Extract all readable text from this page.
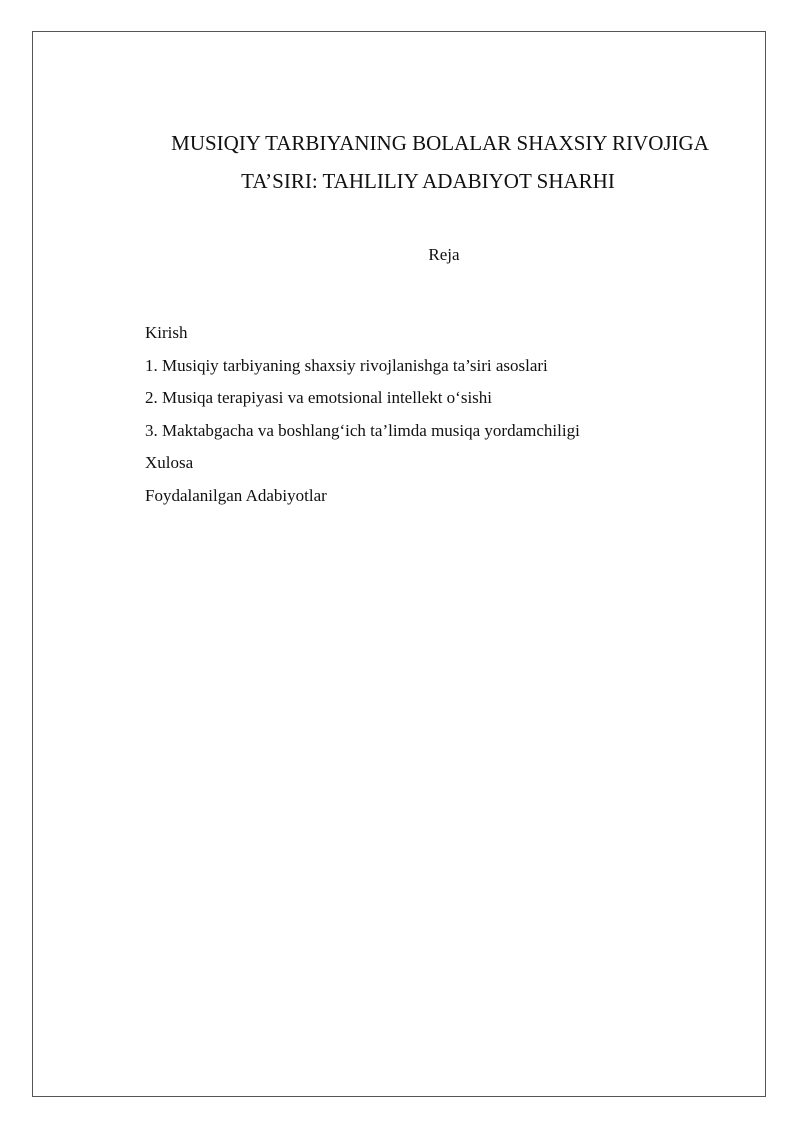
MUSIQIY TARBIYANING BOLALAR SHAXSIY RIVOJIGA
TA’SIRI: TAHLILIY ADABIYOT SHARHI
Reja
Kirish
1. Musiqiy tarbiyaning shaxsiy rivojlanishga ta’siri asoslari
2. Musiqa terapiyasi va emotsional intellekt o‘sishi
3. Maktabgacha va boshlang‘ich ta’limda musiqa yordamchiligi
Xulosa
Foydalanilgan Adabiyotlar
